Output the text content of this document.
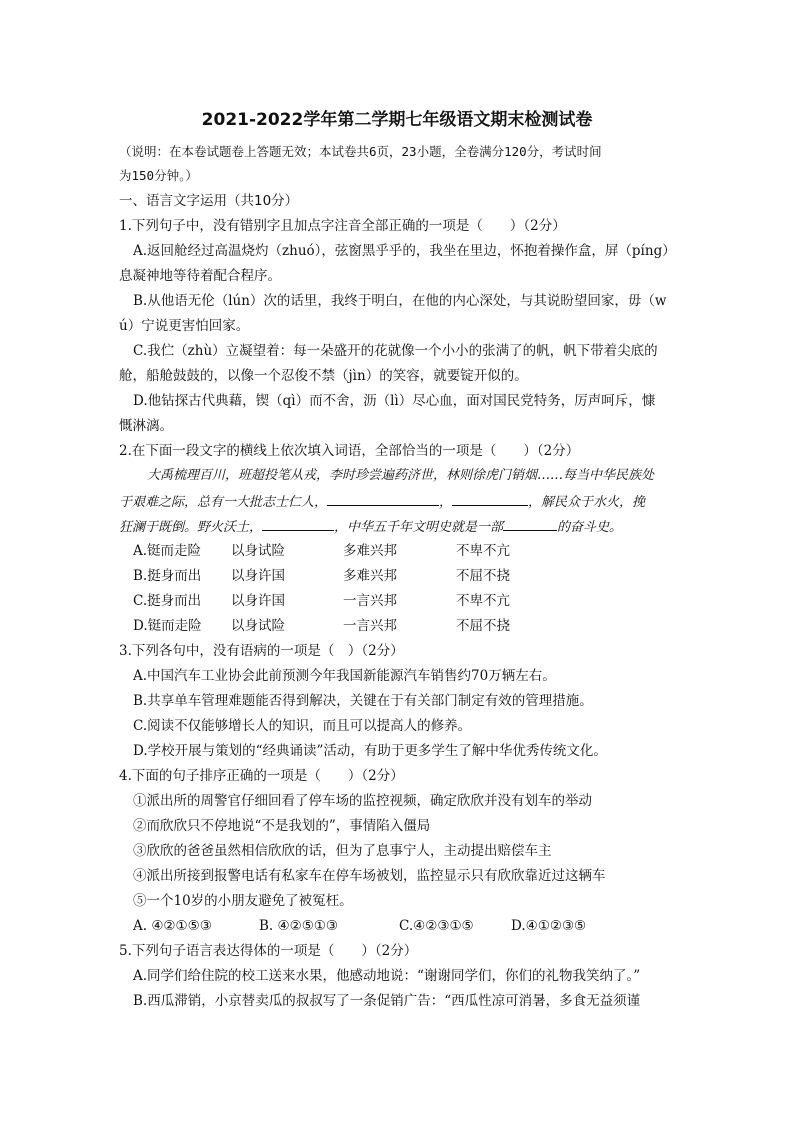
2021-2022学年第二学期七年级语文期末检测试卷
（说明：在本卷试题卷上答题无效；本试卷共6页，23小题，全卷满分120分，考试时间
为150分钟。）
一、语言文字运用（共10分）
1.下列句子中，没有错别字且加点字注音全部正确的一项是（　　）（2分）
A.返回舱经过高温烧灼（zhuó），弦窗黑乎乎的，我坐在里边，怀抱着操作盒，屏（píng）
息凝神地等待着配合程序。
B.从他语无伦（lún）次的话里，我终于明白，在他的内心深处，与其说盼望回家，毋（w
ú）宁说更害怕回家。
C.我伫（zhù）立凝望着：每一朵盛开的花就像一个小小的张满了的帆，帆下带着尖底的
舱，船舱鼓鼓的，以像一个忍俊不禁（jìn）的笑容，就要锭开似的。
D.他钻探古代典藉，锲（qì）而不舍，沥（lì）尽心血，面对国民党特务，厉声呵斥，慷
慨淋漓。
2.在下面一段文字的横线上依次填入词语，全部恰当的一项是（　　）（2分）
大禹梳理百川，班超投笔从戎，李时珍尝遍药济世，林则徐虎门销烟……每当中华民族处
于艰难之际，总有一大批志士仁人，	，	，解民众于水火，挽
狂澜于既倒。野火沃土，	，中华五千年文明史就是一部	的奋斗史。
A.铤而走险 以身试险	多难兴邦	不卑不亢
B.挺身而出 以身许国	多难兴邦	不屈不挠
C.挺身而出 以身许国	一言兴邦	不卑不亢
D.铤而走险 以身试险	一言兴邦	不屈不挠
3.下列各句中，没有语病的一项是（　）（2分）
A.中国汽车工业协会此前预测今年我国新能源汽车销售约70万辆左右。
B.共享单车管理难题能否得到解决，关键在于有关部门制定有效的管理措施。
C.阅读不仅能够增长人的知识，而且可以提高人的修养。
D.学校开展与策划的“经典诵读”活动，有助于更多学生了解中华优秀传统文化。
4.下面的句子排序正确的一项是（　　）（2分）
①派出所的周警官仔细回看了停车场的监控视频，确定欣欣并没有划车的举动
②而欣欣只不停地说“不是我划的”，事情陷入僵局
③欣欣的爸爸虽然相信欣欣的话，但为了息事宁人，主动提出赔偿车主
④派出所接到报警电话有私家车在停车场被划，监控显示只有欣欣靠近过这辆车
⑤一个10岁的小朋友避免了被冤枉。
A. ④②①⑤③	B. ④②⑤①③	C.④②③①⑤	D.④①②③⑤
5.下列句子语言表达得体的一项是（　　）（2分）
A.同学们给住院的校工送来水果，他感动地说：“谢谢同学们，你们的礼物我笑纳了。”
B.西瓜滞销，小京替卖瓜的叔叔写了一条促销广告：“西瓜性凉可消暑，多食无益须谨
